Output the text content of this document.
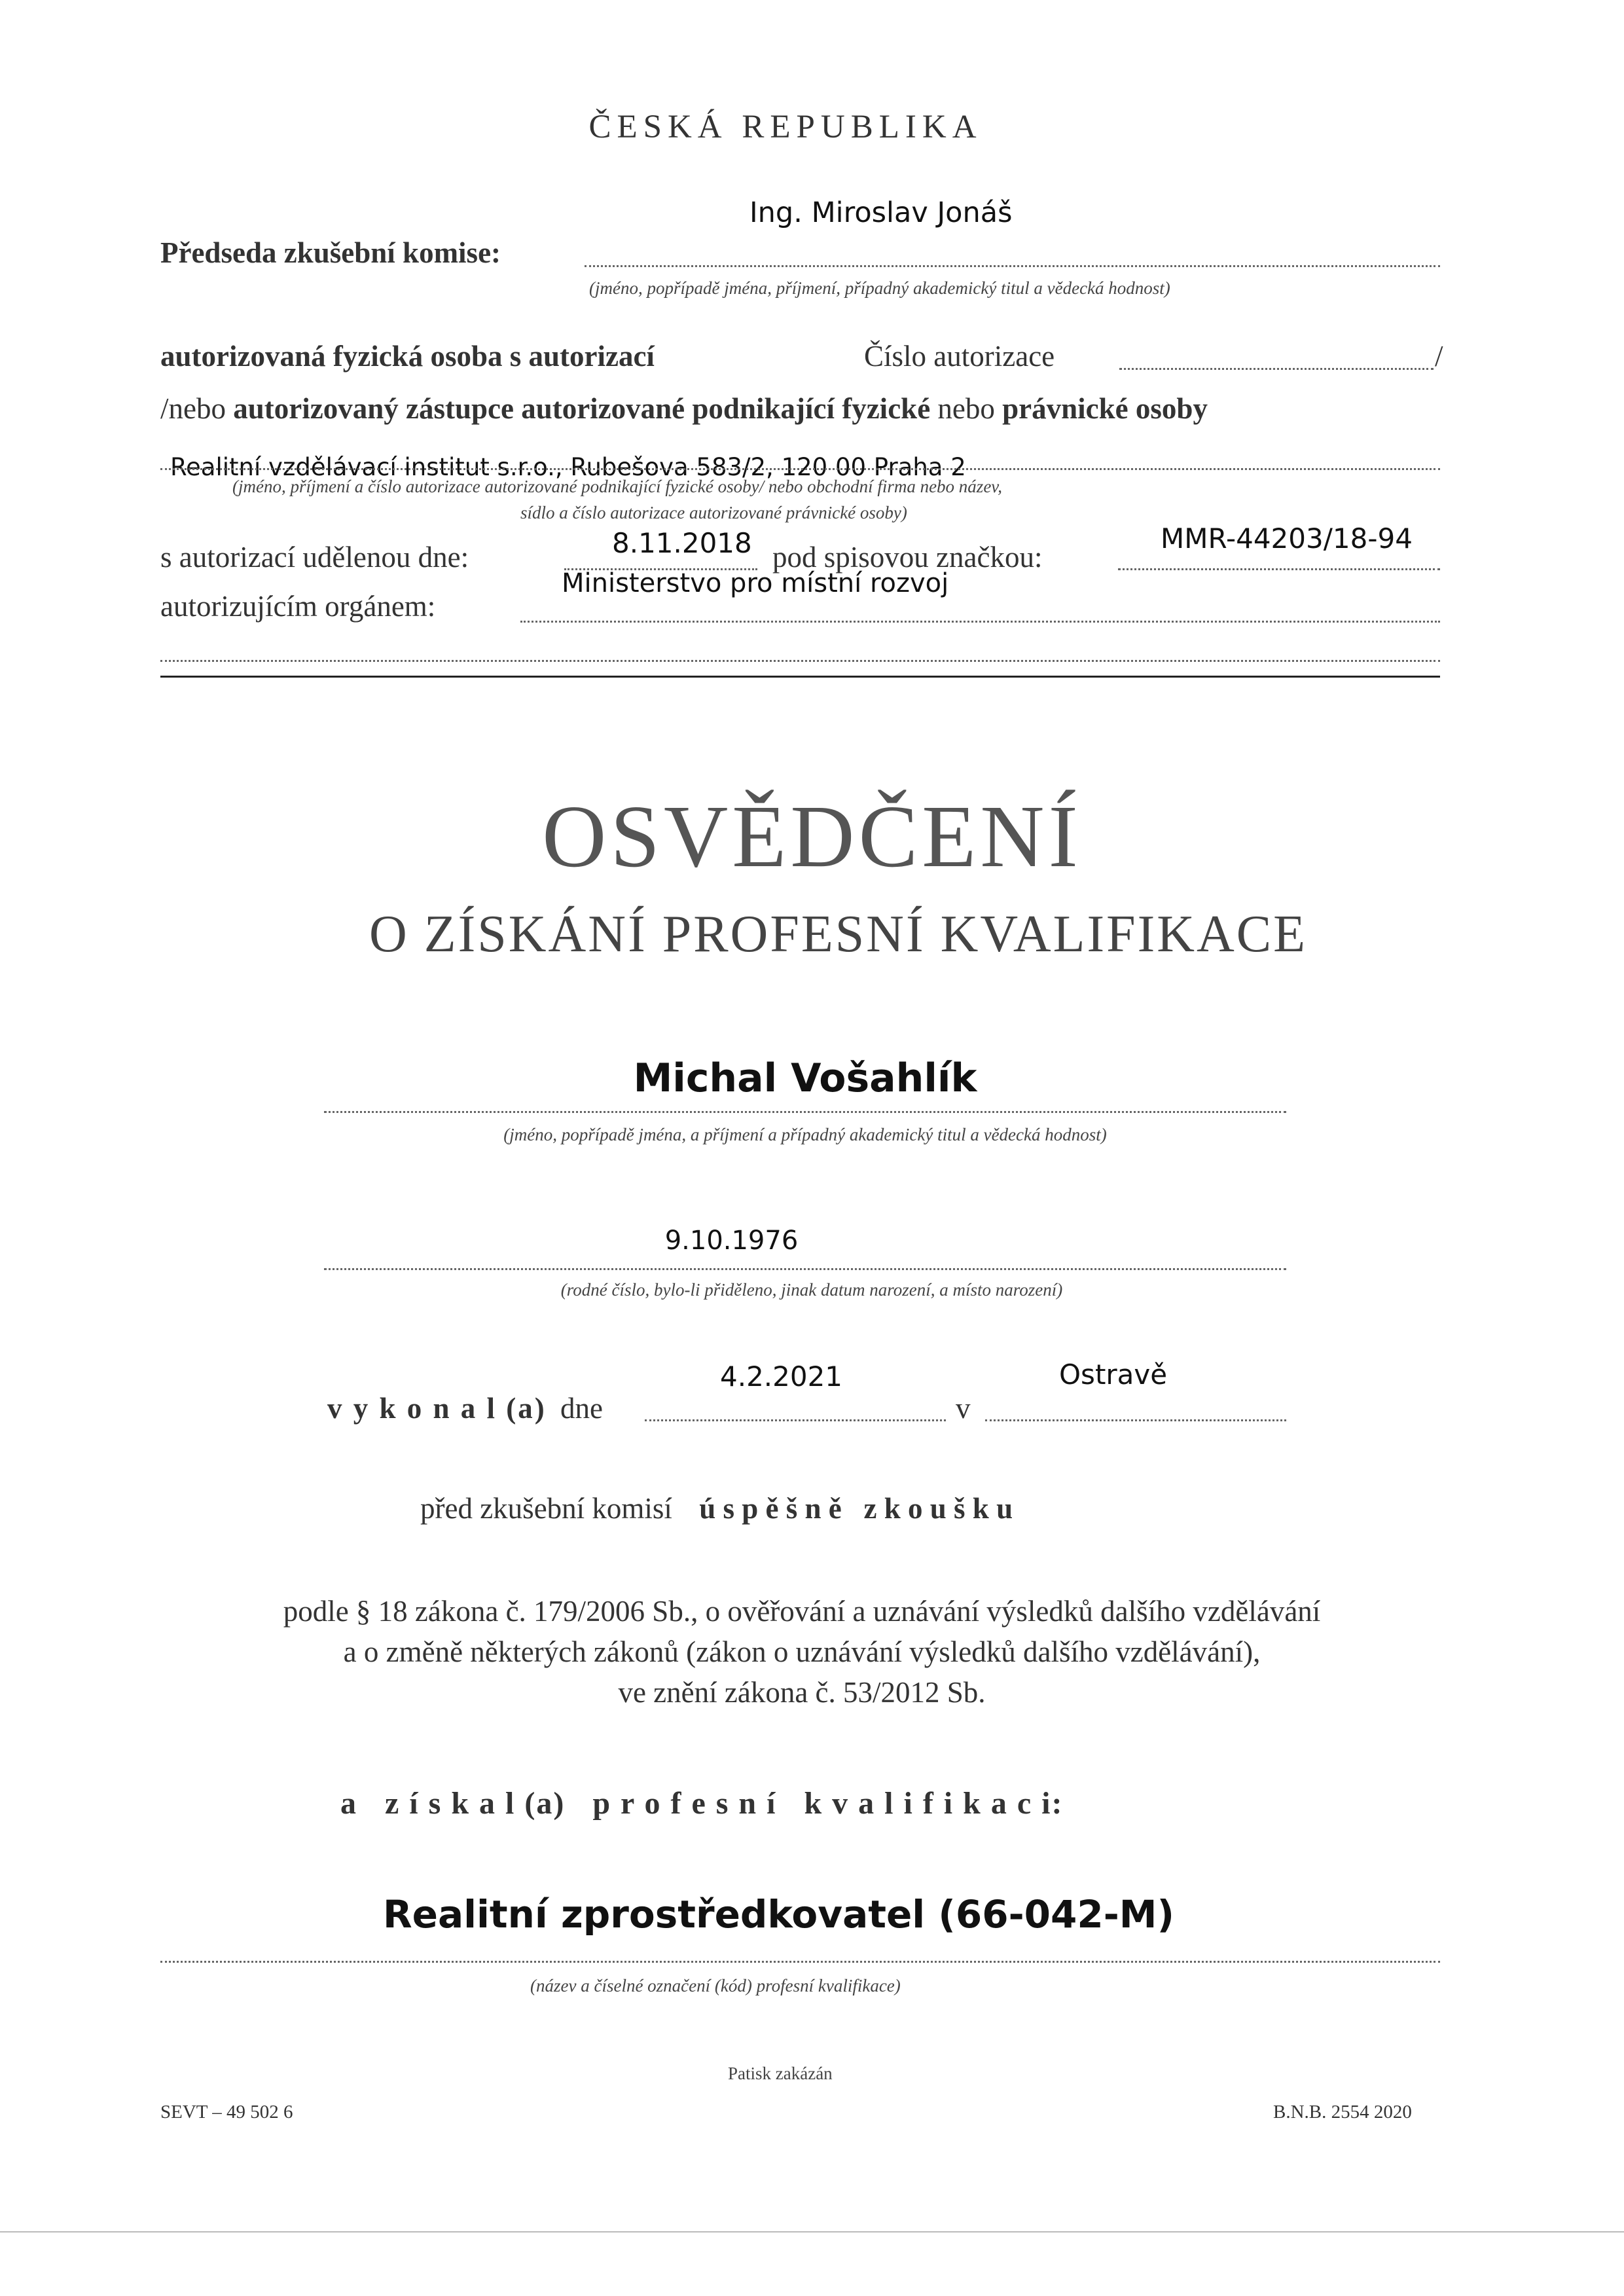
ČESKÁ REPUBLIKA
Ing. Miroslav Jonáš
Předseda zkušební komise:
(jméno, popřípadě jména, příjmení, případný akademický titul a vědecká hodnost)
autorizovaná fyzická osoba s autorizací	Číslo autorizace	/
/nebo autorizovaný zástupce autorizované podnikající fyzické nebo právnické osoby
Realitní vzdělávací institut s.r.o., Rubešova 583/2, 120 00 Praha 2
(jméno, příjmení a číslo autorizace autorizované podnikající fyzické osoby/ nebo obchodní firma nebo název,
sídlo a číslo autorizace autorizované právnické osoby)
8.11.2018
s autorizací udělenou dne:
MMR-44203/18-94
pod spisovou značkou:
Ministerstvo pro místní rozvoj
autorizujícím orgánem:
OSVĚDČENÍ
O ZÍSKÁNÍ PROFESNÍ KVALIFIKACE
Michal Vošahlík
(jméno, popřípadě jména, a příjmení a případný akademický titul a vědecká hodnost)
9.10.1976
(rodné číslo, bylo-li přiděleno, jinak datum narození, a místo narození)
4.2.2021	Ostravě
v y k o n a l (a) dne	v
před zkušební komisí ú s p ě š n ě   z k o u š k u
podle § 18 zákona č. 179/2006 Sb., o ověřování a uznávání výsledků dalšího vzdělávání
a o změně některých zákonů (zákon o uznávání výsledků dalšího vzdělávání),
ve znění zákona č. 53/2012 Sb.
a   z í s k a l (a)   p r o f e s n í   k v a l i f i k a c i:
Realitní zprostředkovatel (66-042-M)
(název a číselné označení (kód) profesní kvalifikace)
Patisk zakázán
SEVT – 49 502 6	B.N.B. 2554 2020
